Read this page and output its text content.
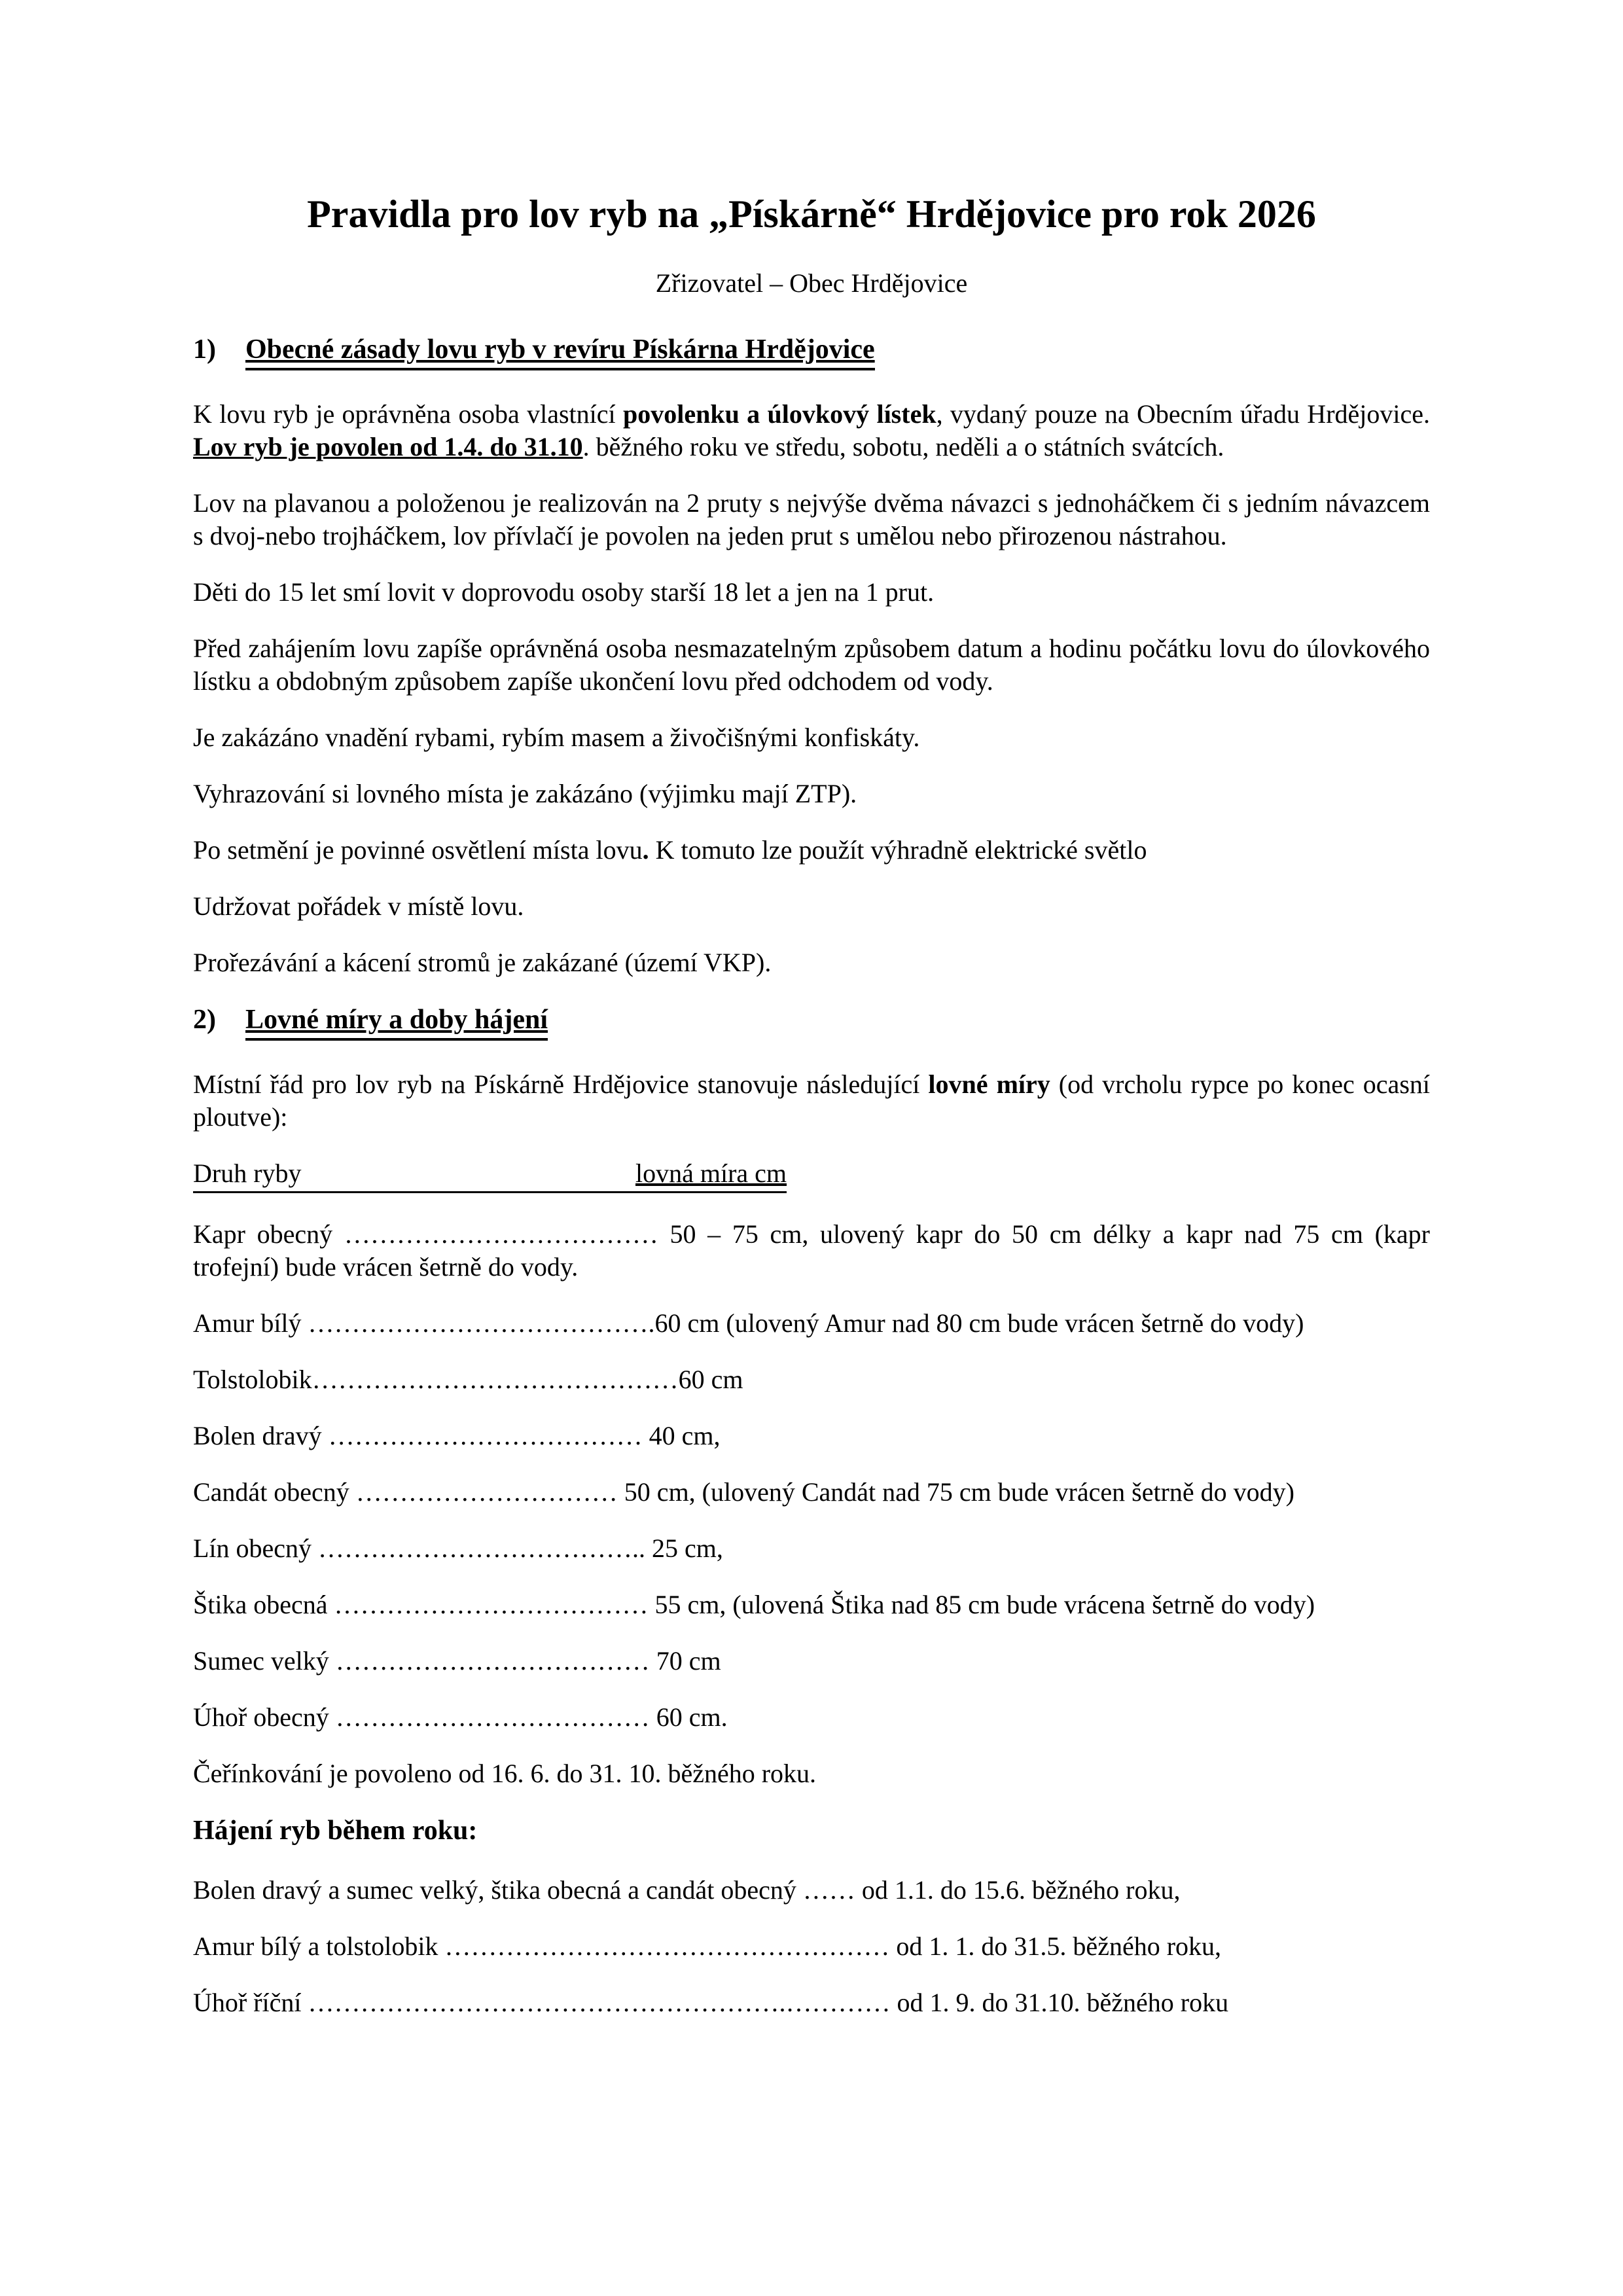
Pravidla pro lov ryb na „Pískárně“ Hrdějovice pro rok 2026

Zřizovatel – Obec Hrdějovice

1)	Obecné zásady lovu ryb v revíru Pískárna Hrdějovice

K lovu ryb je oprávněna osoba vlastnící povolenku a úlovkový lístek, vydaný pouze na Obecním úřadu Hrdějovice. Lov ryb je povolen od 1.4. do 31.10. běžného roku ve středu, sobotu, neděli a o státních svátcích.

Lov na plavanou a položenou je realizován na 2 pruty s nejvýše dvěma návazci s jednoháčkem či s jedním návazcem s dvoj-nebo trojháčkem, lov přívlačí je povolen na jeden prut s umělou nebo přirozenou nástrahou.

Děti do 15 let smí lovit v doprovodu osoby starší 18 let a jen na 1 prut.

Před zahájením lovu zapíše oprávněná osoba nesmazatelným způsobem datum a hodinu počátku lovu do úlovkového lístku a obdobným způsobem zapíše ukončení lovu před odchodem od vody.

Je zakázáno vnadění rybami, rybím masem a živočišnými konfiskáty.

Vyhrazování si lovného místa je zakázáno (výjimku mají ZTP).

Po setmění je povinné osvětlení místa lovu. K tomuto lze použít výhradně elektrické světlo

Udržovat pořádek v místě lovu.

Prořezávání a kácení stromů je zakázané (území VKP).

2)	Lovné míry a doby hájení

Místní řád pro lov ryb na Pískárně Hrdějovice stanovuje následující lovné míry (od vrcholu rypce po konec ocasní ploutve):

Druh ryby	lovná míra cm

Kapr obecný ……………………………… 50 – 75 cm, ulovený kapr do 50 cm délky a kapr nad 75 cm (kapr trofejní) bude vrácen šetrně do vody.

Amur bílý ………………………………….60 cm (ulovený Amur nad 80 cm bude vrácen šetrně do vody)

Tolstolobik……………………………………60 cm

Bolen dravý ……………………………… 40 cm,

Candát obecný ………………………… 50 cm, (ulovený Candát nad 75 cm bude vrácen šetrně do vody)

Lín obecný ……………………………….. 25 cm,

Štika obecná ……………………………… 55 cm, (ulovená Štika nad 85 cm bude vrácena šetrně do vody)

Sumec velký ……………………………… 70 cm

Úhoř obecný ……………………………… 60 cm.

Čeřínkování je povoleno od 16. 6. do 31. 10. běžného roku.

Hájení ryb během roku:

Bolen dravý a sumec velký, štika obecná a candát obecný …… od 1.1. do 15.6. běžného roku,

Amur bílý a tolstolobik …………………………………………… od 1. 1. do 31.5. běžného roku,

Úhoř říční ……………………………………………….………… od 1. 9. do 31.10. běžného roku
